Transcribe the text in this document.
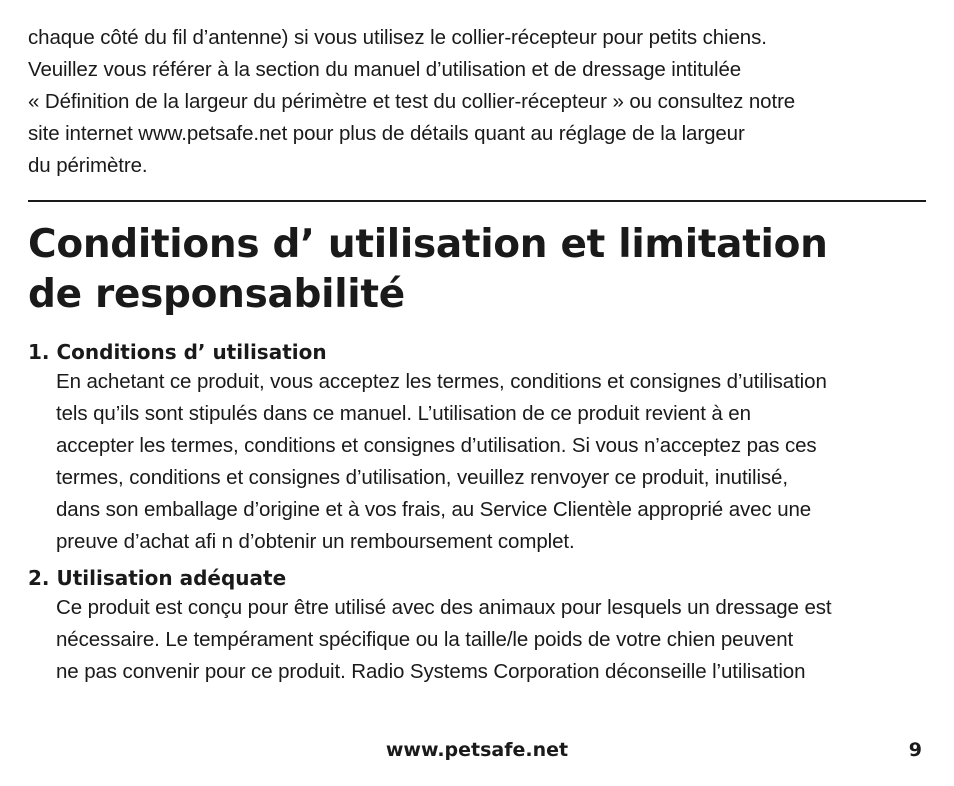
chaque côté du fil d’antenne) si vous utilisez le collier-récepteur pour petits chiens.

Veuillez vous référer à la section du manuel d’utilisation et de dressage intitulée

« Définition de la largeur du périmètre et test du collier-récepteur » ou consultez notre

site internet www.petsafe.net pour plus de détails quant au réglage de la largeur

du périmètre.

Conditions d’ utilisation et limitation
de responsabilité
1. Conditions d’ utilisation

En achetant ce produit, vous acceptez les termes, conditions et consignes d’utilisation

tels qu’ils sont stipulés dans ce manuel. L’utilisation de ce produit revient à en

accepter les termes, conditions et consignes d’utilisation. Si vous n’acceptez pas ces

termes, conditions et consignes d’utilisation, veuillez renvoyer ce produit, inutilisé,

dans son emballage d’origine et à vos frais, au Service Clientèle approprié avec une

preuve d’achat afi n d’obtenir un remboursement complet.

2. Utilisation adéquate

Ce produit est conçu pour être utilisé avec des animaux pour lesquels un dressage est

nécessaire. Le tempérament spécifique ou la taille/le poids de votre chien peuvent

ne pas convenir pour ce produit. Radio Systems Corporation déconseille l’utilisation

www.petsafe.net	9
